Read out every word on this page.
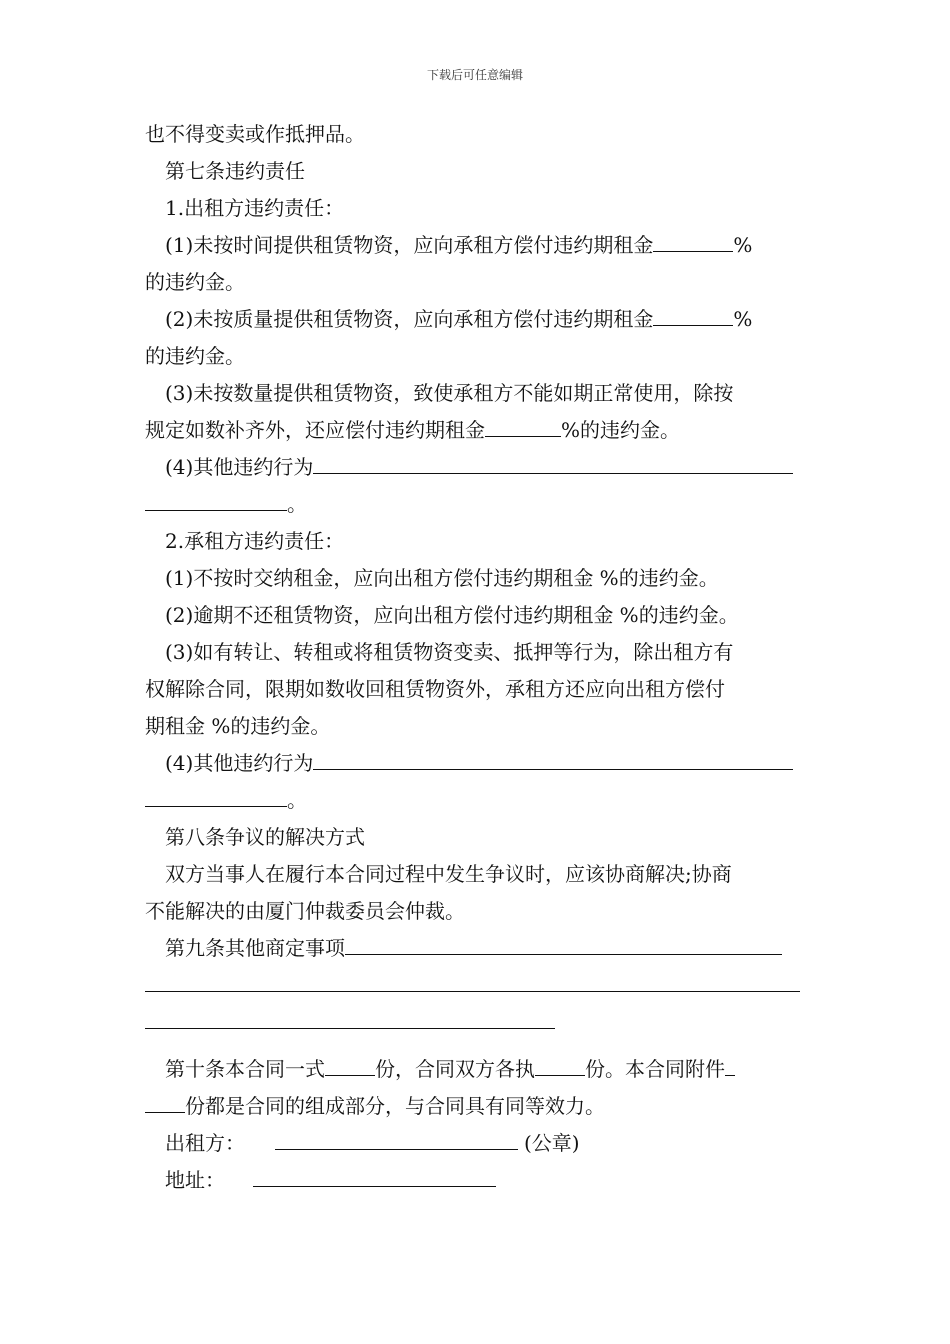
下载后可任意编辑
也不得变卖或作抵押品。
第七条违约责任
1.出租方违约责任：
(1)未按时间提供租赁物资，应向承租方偿付违约期租金	%
的违约金。
(2)未按质量提供租赁物资，应向承租方偿付违约期租金	%
的违约金。
(3)未按数量提供租赁物资，致使承租方不能如期正常使用，除按
规定如数补齐外，还应偿付违约期租金	%的违约金。
(4)其他违约行为
。
2.承租方违约责任：
(1)不按时交纳租金，应向出租方偿付违约期租金 %的违约金。
(2)逾期不还租赁物资，应向出租方偿付违约期租金 %的违约金。
(3)如有转让、转租或将租赁物资变卖、抵押等行为，除出租方有
权解除合同，限期如数收回租赁物资外，承租方还应向出租方偿付
期租金 %的违约金。
(4)其他违约行为
。
第八条争议的解决方式
双方当事人在履行本合同过程中发生争议时，应该协商解决;协商
不能解决的由厦门仲裁委员会仲裁。
第九条其他商定事项
第十条本合同一式	份，合同双方各执	份。本合同附件
份都是合同的组成部分，与合同具有同等效力。
出租方：	(公章)
地址：
